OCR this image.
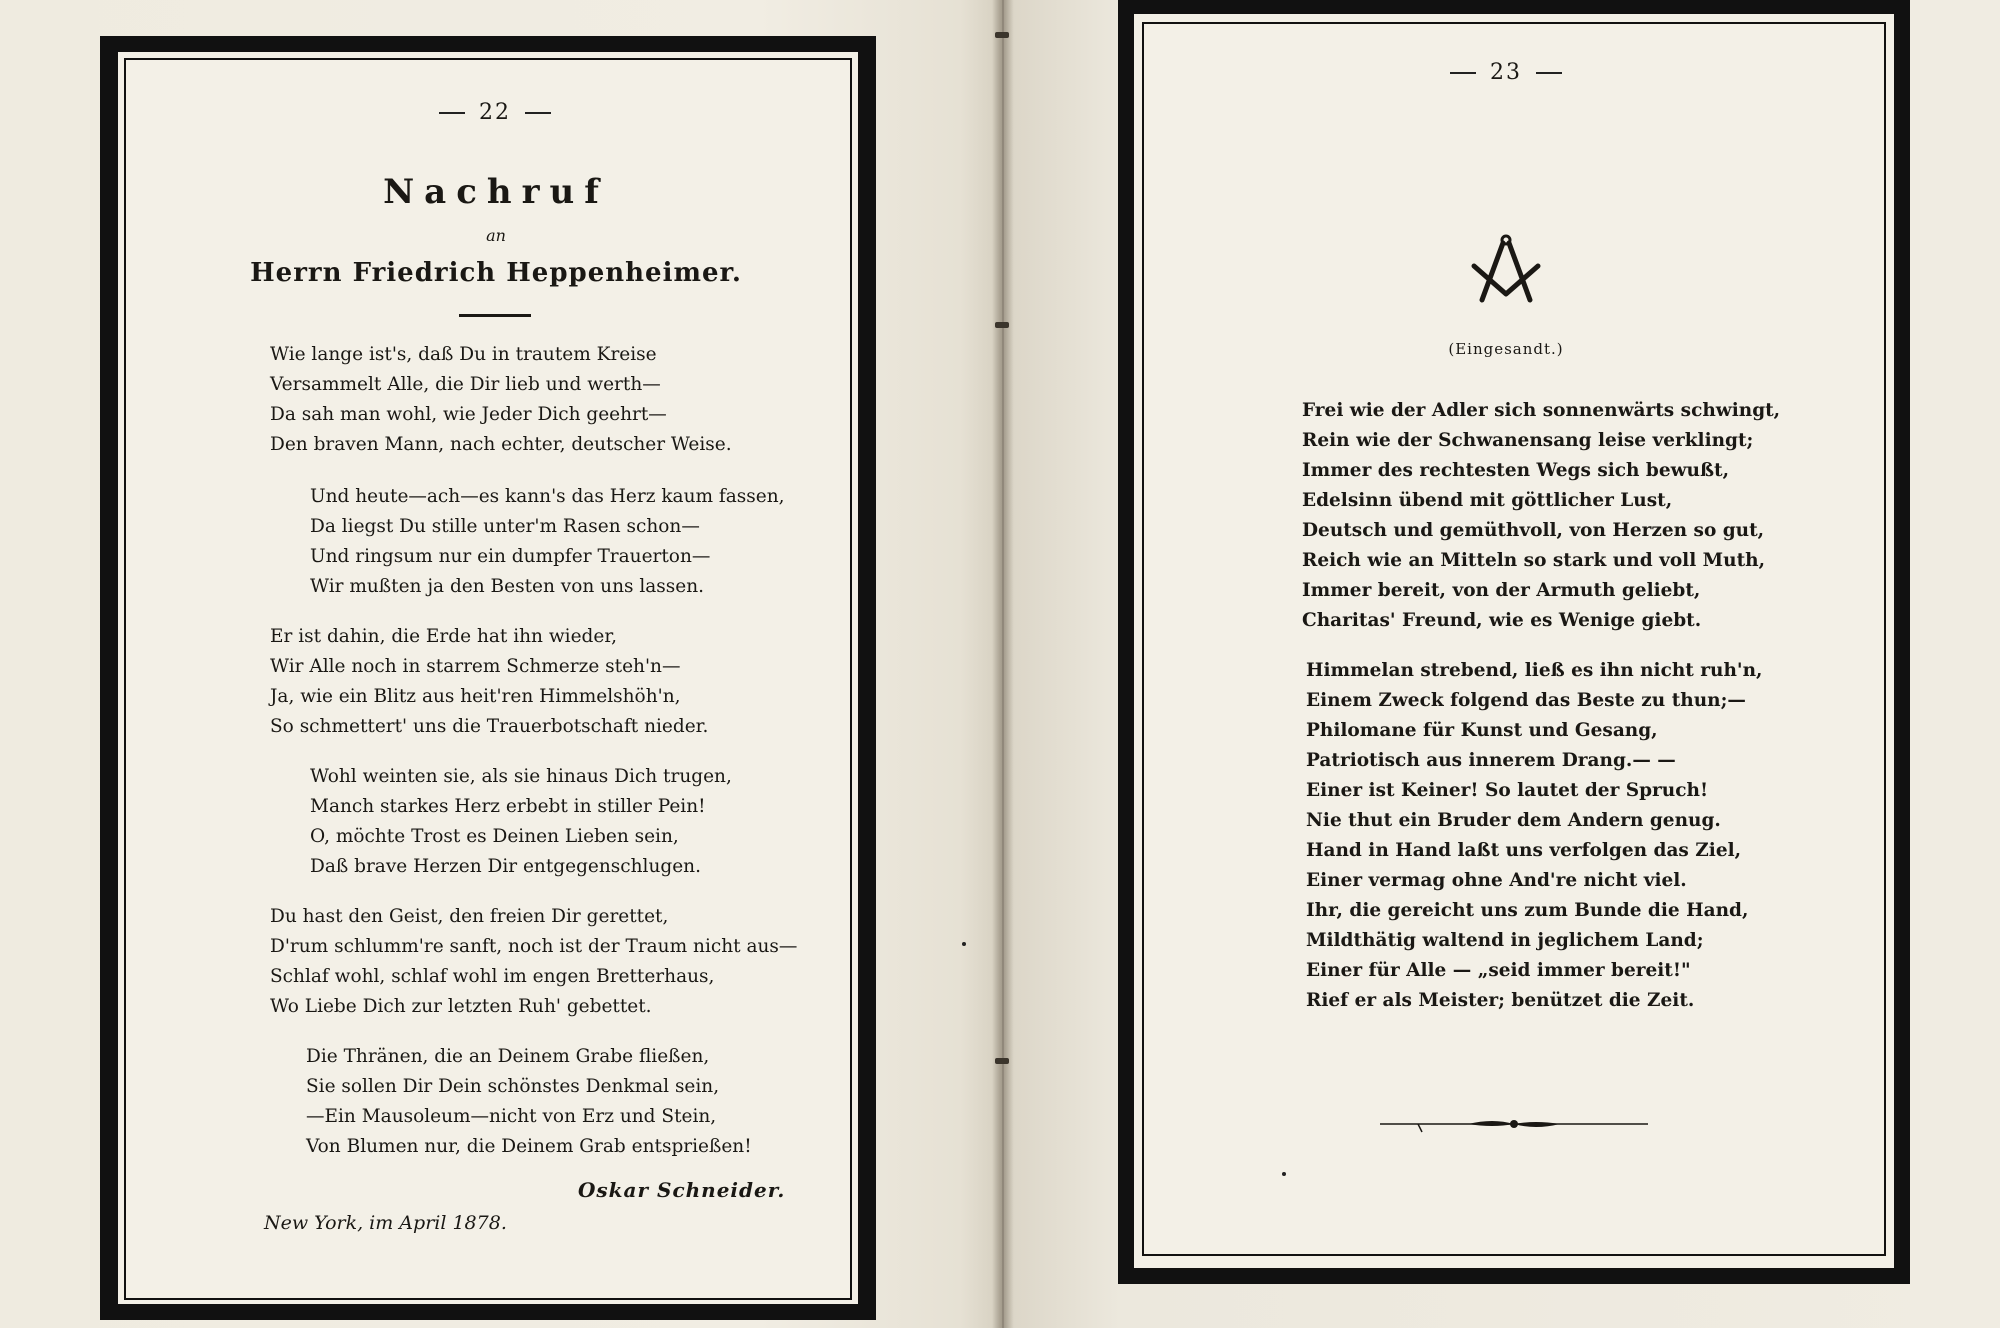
22
Nachruf
an
Herrn Friedrich Heppenheimer.
Wie lange ist's, daß Du in trautem Kreise
Versammelt Alle, die Dir lieb und werth—
Da sah man wohl, wie Jeder Dich geehrt—
Den braven Mann, nach echter, deutscher Weise.
Und heute—ach—es kann's das Herz kaum fassen,
Da liegst Du stille unter'm Rasen schon—
Und ringsum nur ein dumpfer Trauerton—
Wir mußten ja den Besten von uns lassen.
Er ist dahin, die Erde hat ihn wieder,
Wir Alle noch in starrem Schmerze steh'n—
Ja, wie ein Blitz aus heit'ren Himmelshöh'n,
So schmettert' uns die Trauerbotschaft nieder.
Wohl weinten sie, als sie hinaus Dich trugen,
Manch starkes Herz erbebt in stiller Pein!
O, möchte Trost es Deinen Lieben sein,
Daß brave Herzen Dir entgegenschlugen.
Du hast den Geist, den freien Dir gerettet,
D'rum schlumm're sanft, noch ist der Traum nicht aus—
Schlaf wohl, schlaf wohl im engen Bretterhaus,
Wo Liebe Dich zur letzten Ruh' gebettet.
Die Thränen, die an Deinem Grabe fließen,
Sie sollen Dir Dein schönstes Denkmal sein,
—Ein Mausoleum—nicht von Erz und Stein,
Von Blumen nur, die Deinem Grab entsprießen!
Oskar Schneider.
New York, im April 1878.
23
(Eingesandt.)
Frei wie der Adler sich sonnenwärts schwingt,
Rein wie der Schwanensang leise verklingt;
Immer des rechtesten Wegs sich bewußt,
Edelsinn übend mit göttlicher Lust,
Deutsch und gemüthvoll, von Herzen so gut,
Reich wie an Mitteln so stark und voll Muth,
Immer bereit, von der Armuth geliebt,
Charitas' Freund, wie es Wenige giebt.
Himmelan strebend, ließ es ihn nicht ruh'n,
Einem Zweck folgend das Beste zu thun;—
Philomane für Kunst und Gesang,
Patriotisch aus innerem Drang.— —
Einer ist Keiner! So lautet der Spruch!
Nie thut ein Bruder dem Andern genug.
Hand in Hand laßt uns verfolgen das Ziel,
Einer vermag ohne And're nicht viel.
Ihr, die gereicht uns zum Bunde die Hand,
Mildthätig waltend in jeglichem Land;
Einer für Alle — „seid immer bereit!"
Rief er als Meister; benützet die Zeit.
